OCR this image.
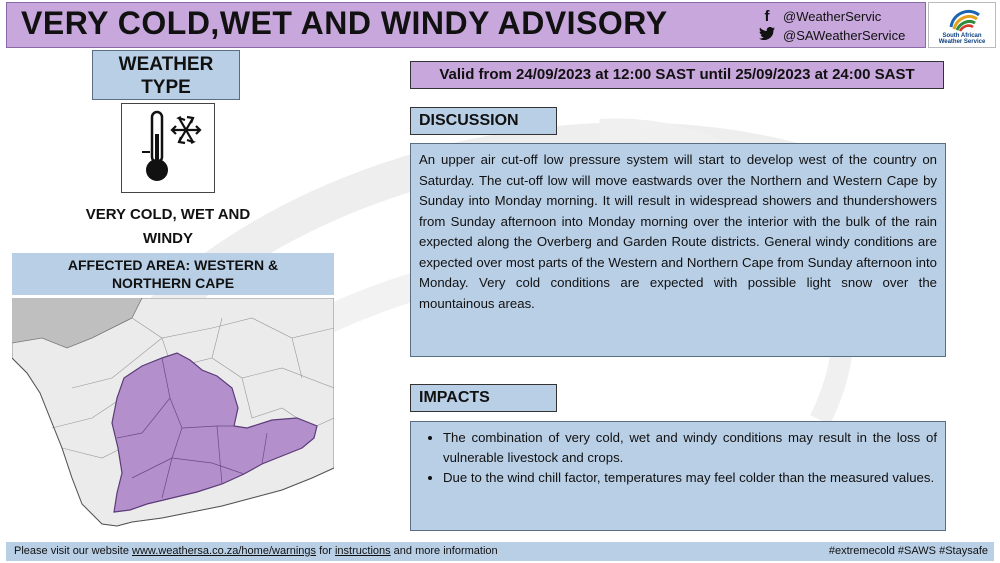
VERY COLD,WET AND WINDY ADVISORY	f	@WeatherServic
@SAWeatherService	South African
Weather Service
WEATHER
TYPE
VERY COLD, WET AND
WINDY
AFFECTED AREA: WESTERN &
NORTHERN CAPE
Valid from 24/09/2023 at 12:00 SAST until 25/09/2023 at 24:00 SAST
DISCUSSION
An upper air cut-off low pressure system will start to develop west of the country on Saturday. The cut-off low will move eastwards over the Northern and Western Cape by Sunday into Monday morning. It will result in widespread showers and thundershowers from Sunday afternoon into Monday morning over the interior with the bulk of the rain expected along the Overberg and Garden Route districts. General windy conditions are expected over most parts of the Western and Northern Cape from Sunday afternoon into Monday. Very cold conditions are expected with possible light snow over the mountainous areas.
IMPACTS
• The combination of very cold, wet and windy conditions may result in the loss of vulnerable livestock and crops.
• Due to the wind chill factor, temperatures may feel colder than the measured values.
Please visit our website www.weathersa.co.za/home/warnings for instructions and more information	#extremecold #SAWS #Staysafe
